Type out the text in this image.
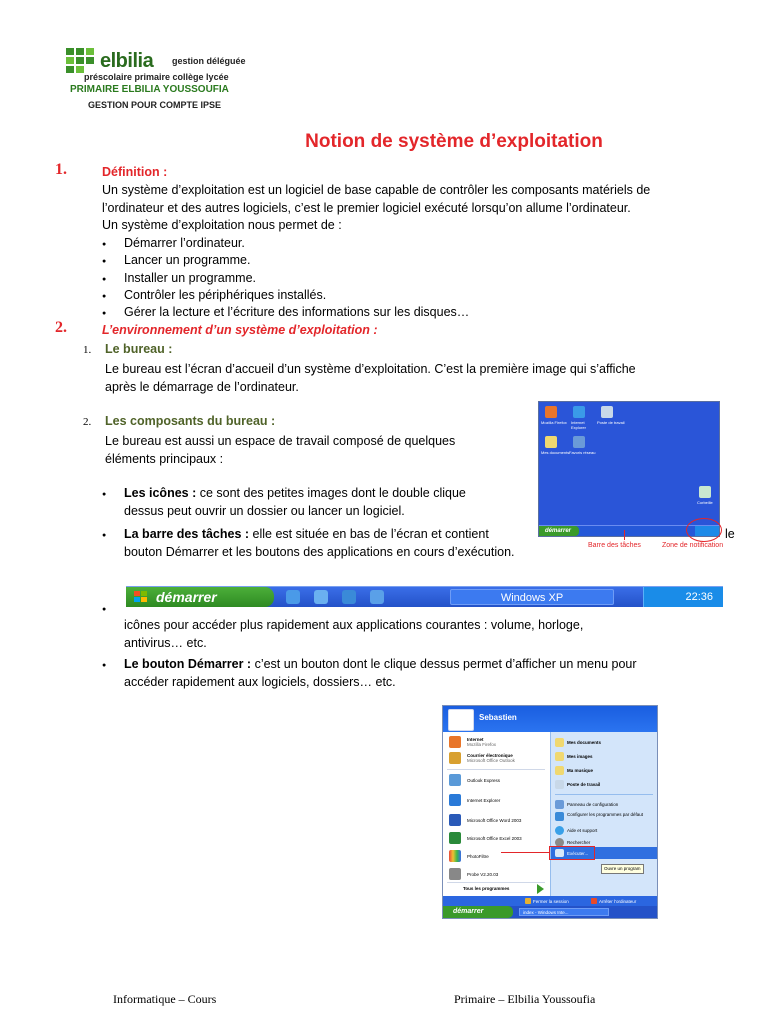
elbilia gestion déléguée
préscolaire primaire collège lycée
PRIMAIRE ELBILIA YOUSSOUFIA
GESTION POUR COMPTE IPSE
Notion de système d’exploitation
1.	Définition :
Un système d’exploitation est un logiciel de base capable de contrôler les composants matériels de
l’ordinateur et des autres logiciels, c’est le premier logiciel exécuté lorsqu’on allume l’ordinateur.
Un système d’exploitation nous permet de :
● Démarrer l’ordinateur.
● Lancer un programme.
● Installer un programme.
● Contrôler les périphériques installés.
● Gérer la lecture et l’écriture des informations sur les disques…
2.	L’environnement d’un système d’exploitation :
1. Le bureau :
Le bureau est l’écran d’accueil d’un système d’exploitation. C’est la première image qui s’affiche
après le démarrage de l’ordinateur.
2. Les composants du bureau :
Le bureau est aussi un espace de travail composé de quelques
éléments principaux :
●	Les icônes : ce sont des petites images dont le double clique
dessus peut ouvrir un dossier ou lancer un logiciel.
●	La barre des tâches : elle est située en bas de l’écran et contient
bouton Démarrer et les boutons des applications en cours d’exécution.
le
Mozilla Firefox Internet Explorer
Poste de travail
Mes documents Favoris réseau
Corbeille
démarrer
Barre des tâches	Zone de notification
●
icônes pour accéder plus rapidement aux applications courantes : volume, horloge,
antivirus… etc.
démarrer	Windows XP	22:36
●	Le bouton Démarrer : c’est un bouton dont le clique dessus permet d’afficher un menu pour
accéder rapidement aux logiciels, dossiers… etc.
Sebastien
Internet
Mozilla Firefox
Courrier électronique
Microsoft Office Outlook
Outlook Express
Internet Explorer
Microsoft Office Word 2003
Microsoft Office Excel 2003
PhotoFiltre
Probe V2.20.03
Tous les programmes
Mes documents
Mes images
Ma musique
Poste de travail
Panneau de configuration
Configurer les programmes par défaut
Aide et support
Rechercher
Exécuter...
Ouvre un program
Fermer la session	Arrêter l’ordinateur
démarrer	index - Windows Inte...
Informatique – Cours	Primaire – Elbilia Youssoufia
